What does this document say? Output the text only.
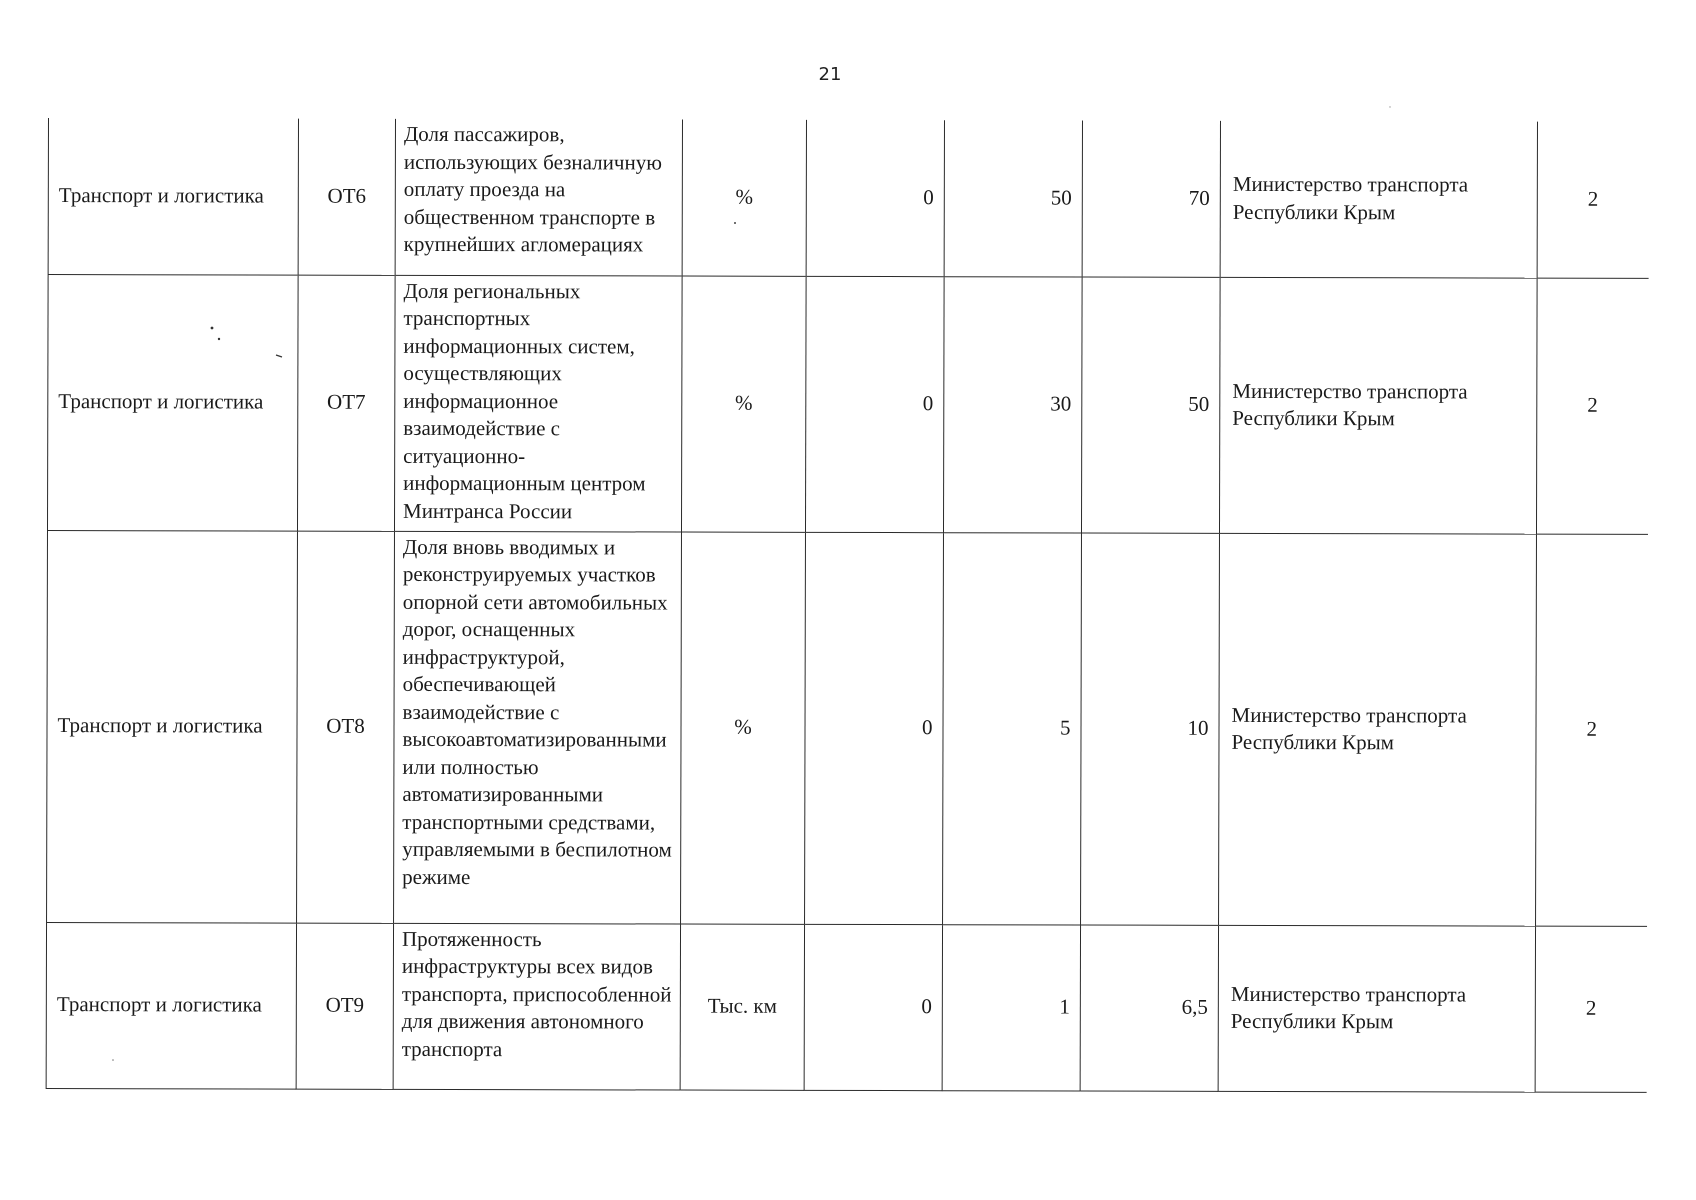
21
Транспорт и логистика	ОТ6	Доля пассажиров, использующих безналичную оплату проезда на общественном транспорте в крупнейших агломерациях	%	0	50	70	Министерство транспорта Республики Крым	2
Транспорт и логистика	ОТ7	Доля региональных транспортных информационных систем, осуществляющих информационное взаимодействие с ситуационно-информационным центром Минтранса России	%	0	30	50	Министерство транспорта Республики Крым	2
Транспорт и логистика	ОТ8	Доля вновь вводимых и реконструируемых участков опорной сети автомобильных дорог, оснащенных инфраструктурой, обеспечивающей взаимодействие с высокоавтоматизированными или полностью автоматизированными транспортными средствами, управляемыми в беспилотном режиме	%	0	5	10	Министерство транспорта Республики Крым	2
Транспорт и логистика	ОТ9	Протяженность инфраструктуры всех видов транспорта, приспособленной для движения автономного транспорта	Тыс. км	0	1	6,5	Министерство транспорта Республики Крым	2
